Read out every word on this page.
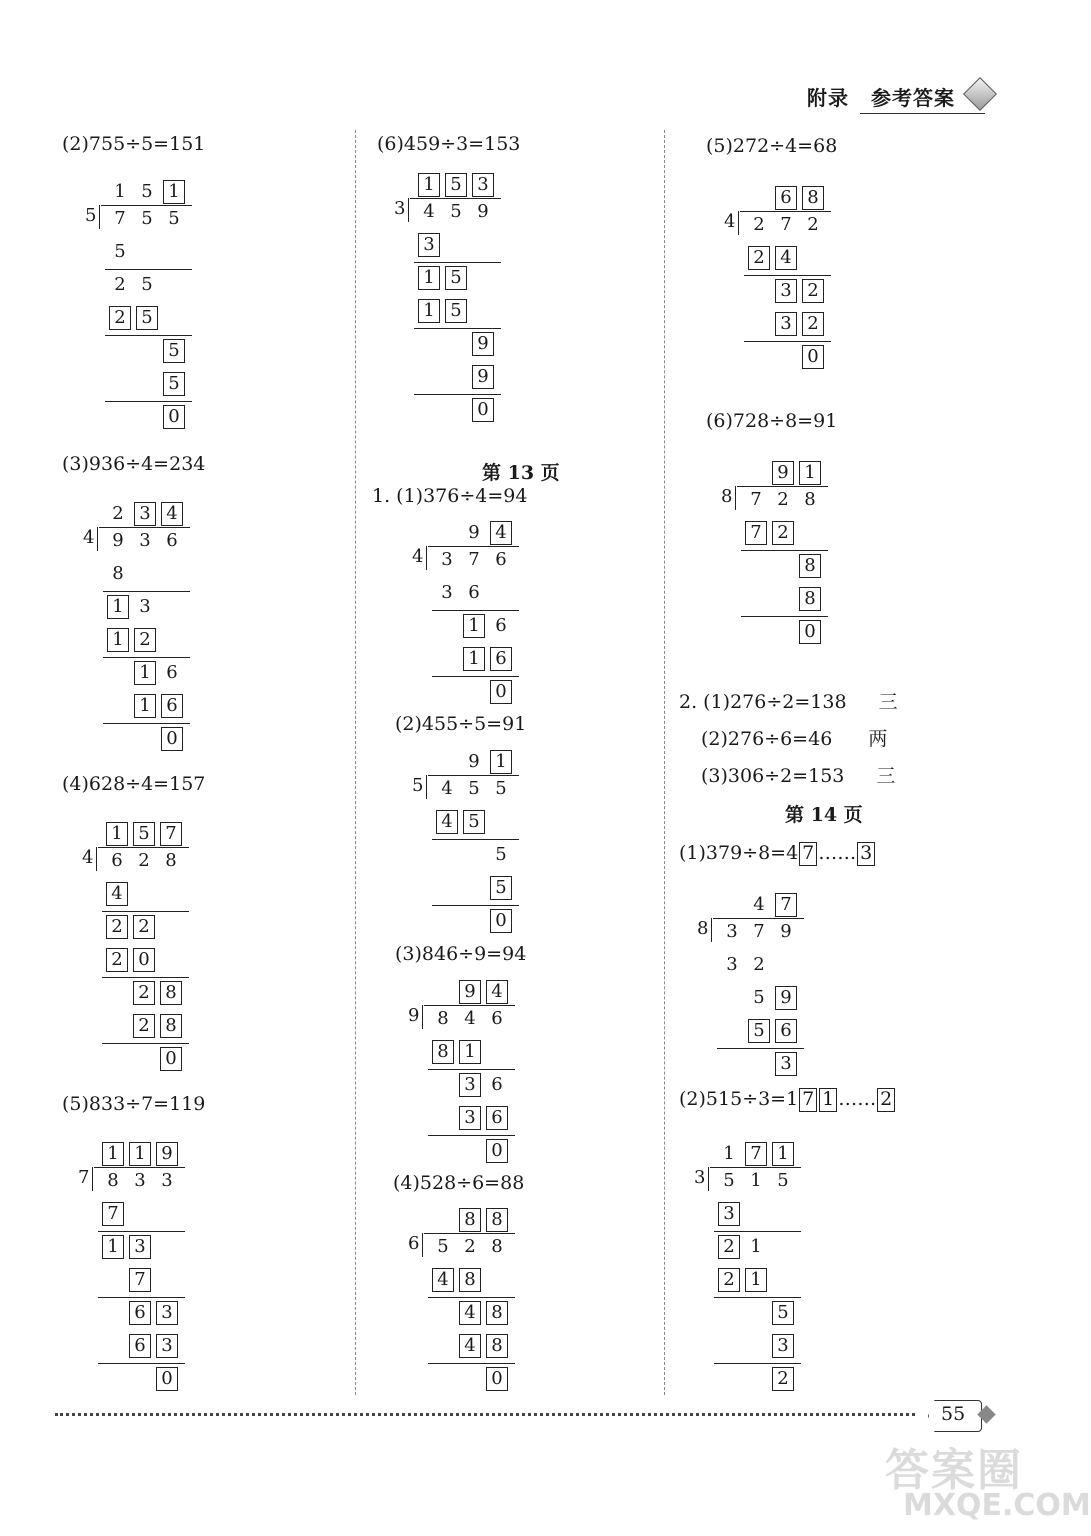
附录 参考答案
(2)755÷5=151
1 5 1
5 7 5 5
5
2 5
2 5
5
5
0
(3)936÷4=234
2 3 4
4 9 3 6
8
1 3
1 2
1 6
1 6
0
(4)628÷4=157
1 5 7
4 6 2 8
4
2 2
2 0
2 8
2 8
0
(5)833÷7=119
1 1 9
7 8 3 3
7
1 3
7
6 3
6 3
0
(6)459÷3=153
1 5 3
3 4 5 9
3
1 5
1 5
9
9
0
第 13 页
1. (1)376÷4=94
9 4
4 3 7 6
3 6
1 6
1 6
0
(2)455÷5=91
9 1
5 4 5 5
4 5
5
5
0
(3)846÷9=94
9 4
9 8 4 6
8 1
3 6
3 6
0
(4)528÷6=88
8 8
6 5 2 8
4 8
4 8
4 8
0
(5)272÷4=68
6 8
4 2 7 2
2 4
3 2
3 2
0
(6)728÷8=91
9 1
8 7 2 8
7 2
8
8
0
2. (1)276÷2=138 三
(2)276÷6=46 两
(3)306÷2=153 三
第 14 页
(1)379÷8=4 7 …… 3
4 7
8 3 7 9
3 2
5 9
5 6
3
(2)515÷3=1 7 1 …… 2
1 7 1
3 5 1 5
3
2 1
2 1
5
3
2
55
答案圈
MXQE.COM
